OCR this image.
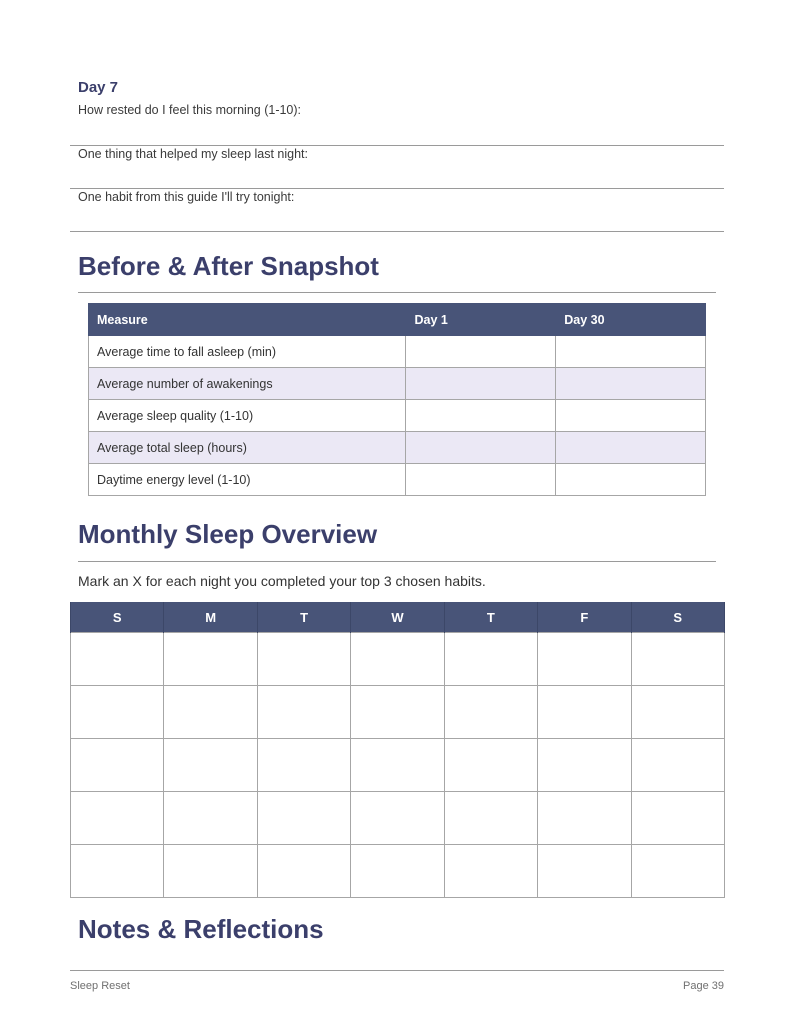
Day 7
How rested do I feel this morning (1-10):
One thing that helped my sleep last night:
One habit from this guide I'll try tonight:
Before & After Snapshot
Measure	Day 1	Day 30
Average time to fall asleep (min)		
Average number of awakenings		
Average sleep quality (1-10)		
Average total sleep (hours)		
Daytime energy level (1-10)		
Monthly Sleep Overview
Mark an X for each night you completed your top 3 chosen habits.
S	M	T	W	T	F	S

Notes & Reflections
Sleep Reset	Page 39
